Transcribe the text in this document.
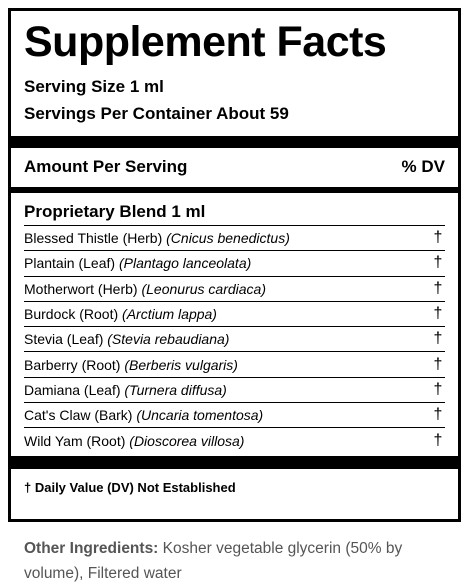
Supplement Facts
Serving Size 1 ml
Servings Per Container About 59
Amount Per Serving	% DV
Proprietary Blend 1 ml
Blessed Thistle (Herb) (Cnicus benedictus)	†
Plantain (Leaf) (Plantago lanceolata)	†
Motherwort (Herb) (Leonurus cardiaca)	†
Burdock (Root) (Arctium lappa)	†
Stevia (Leaf) (Stevia rebaudiana)	†
Barberry (Root) (Berberis vulgaris)	†
Damiana (Leaf) (Turnera diffusa)	†
Cat's Claw (Bark) (Uncaria tomentosa)	†
Wild Yam (Root) (Dioscorea villosa)	†
† Daily Value (DV) Not Established
Other Ingredients: Kosher vegetable glycerin (50% by volume), Filtered water
